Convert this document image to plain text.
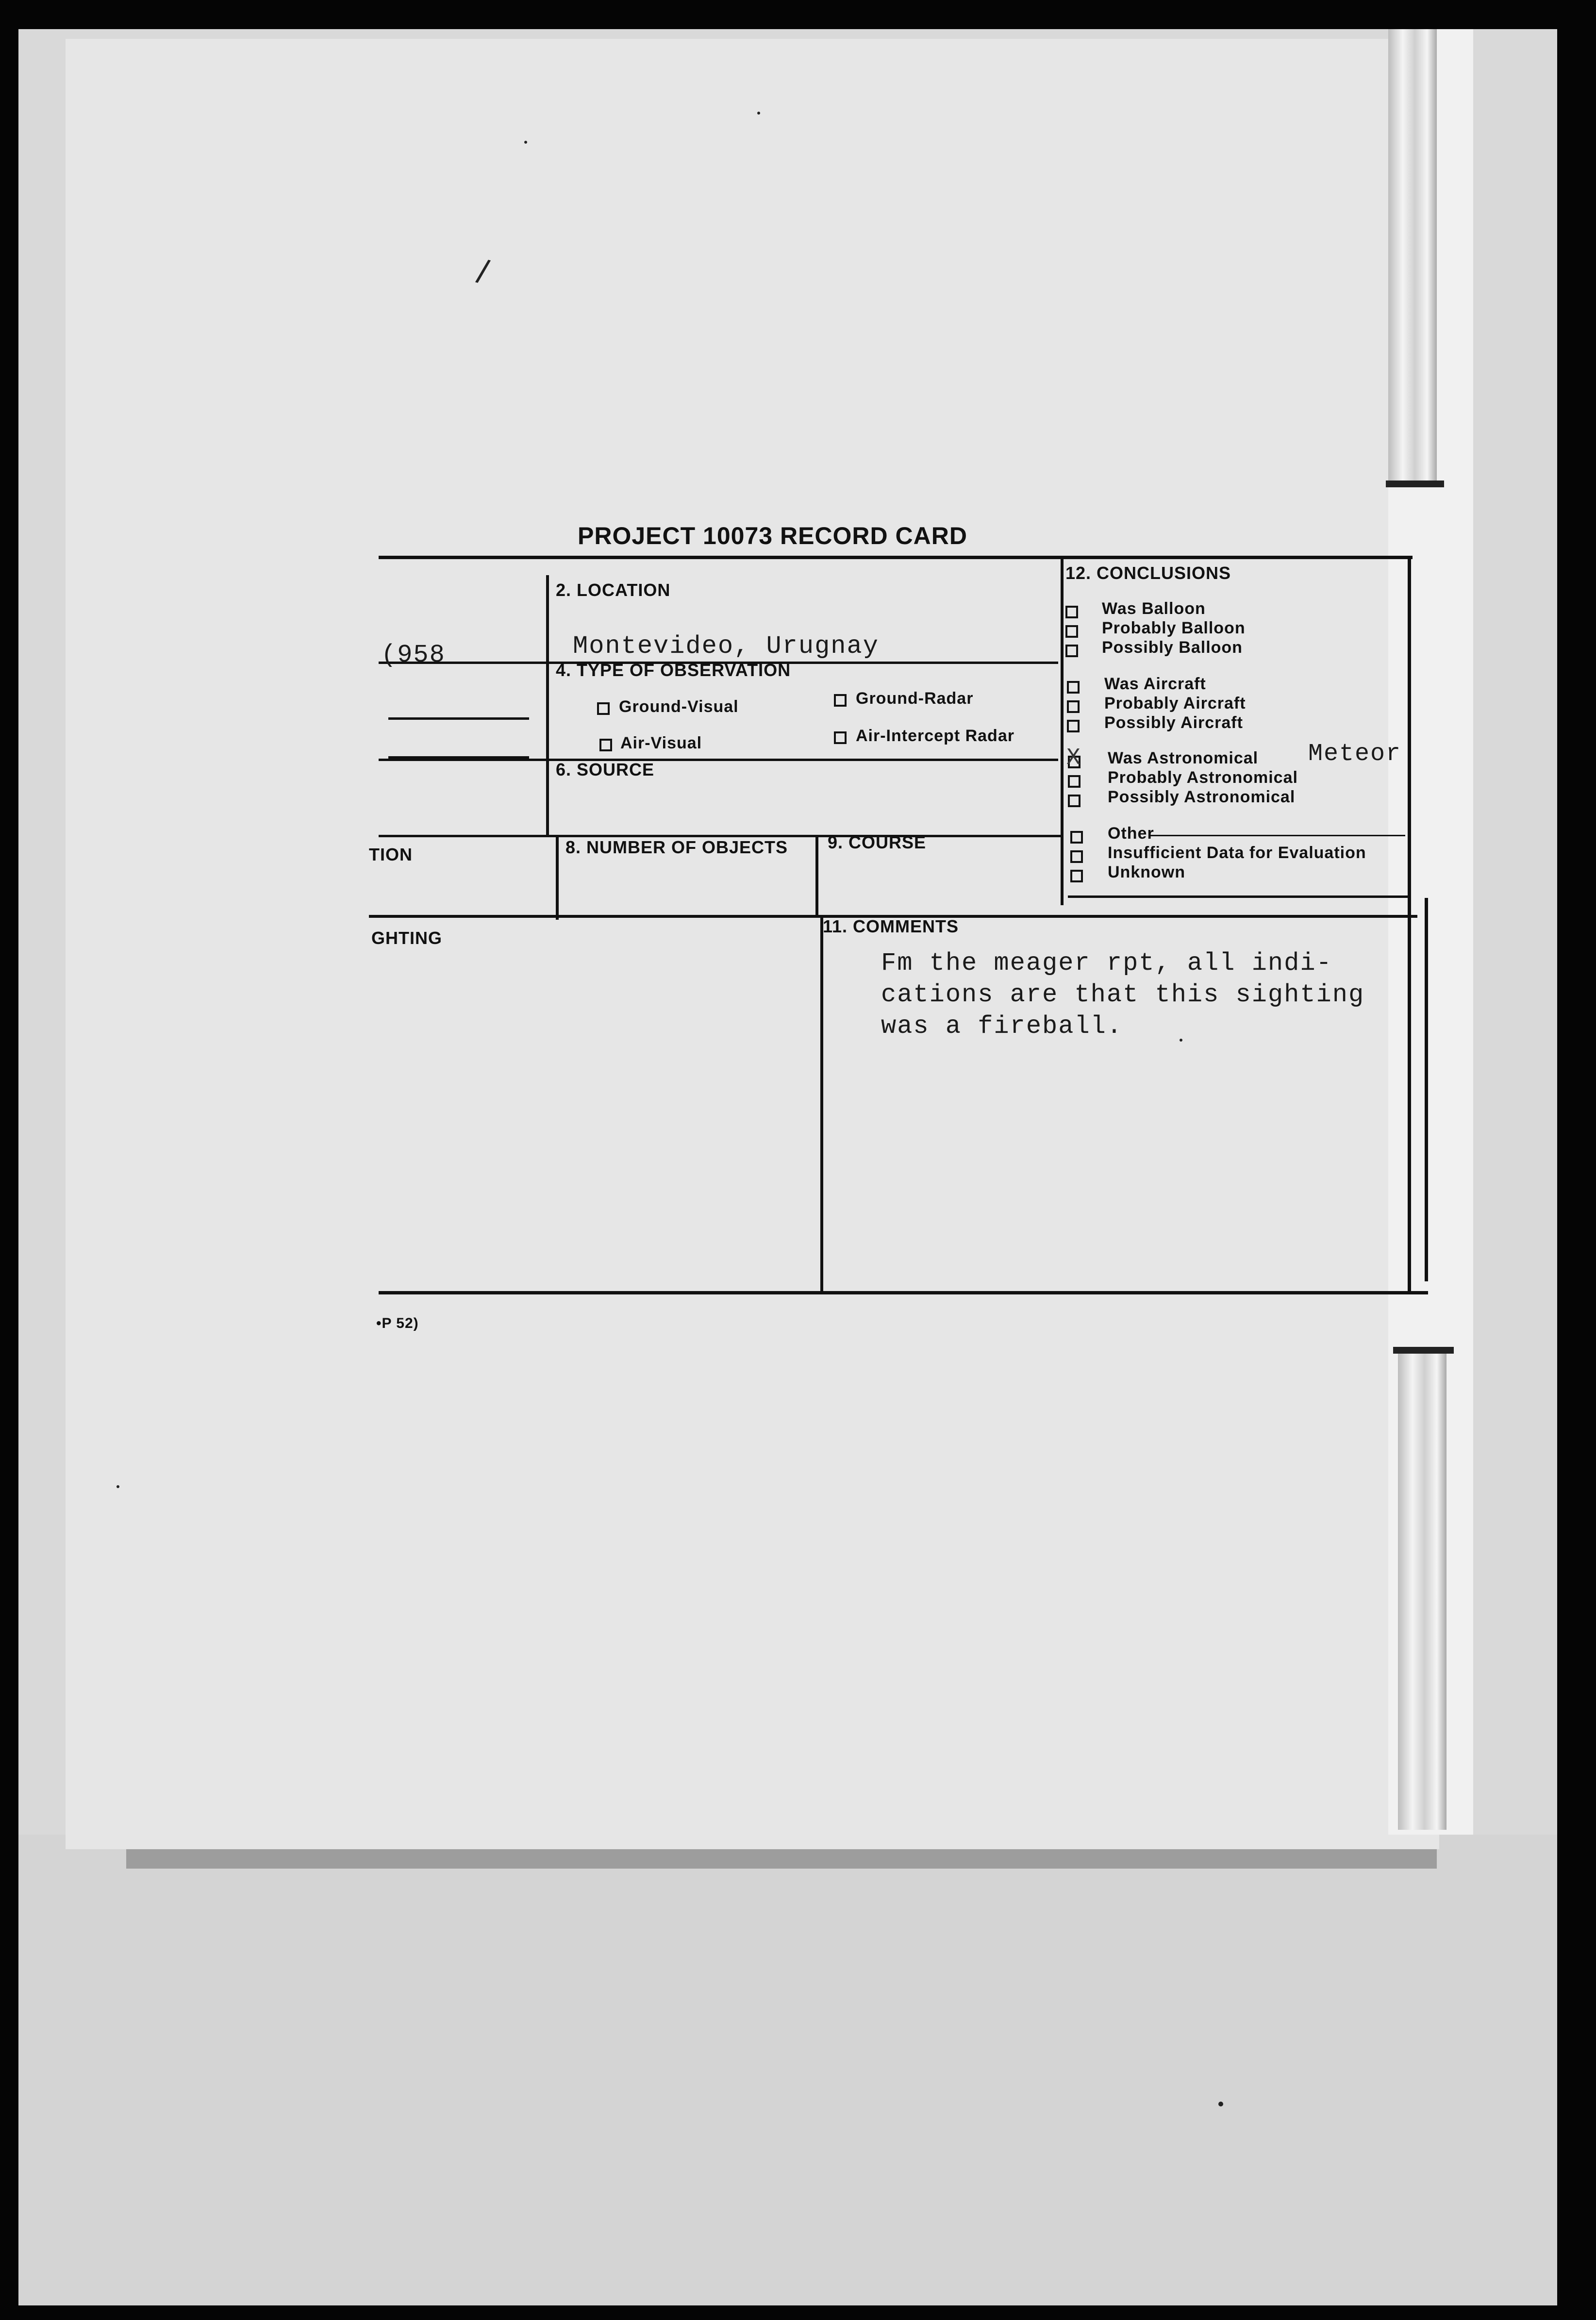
/
PROJECT 10073 RECORD CARD
(958
TION
GHTING
•P 52)
2. LOCATION
Montevideo, Urugnay
4. TYPE OF OBSERVATION
Ground-Visual	Ground-Radar
Air-Visual	Air-Intercept Radar
6. SOURCE
8. NUMBER OF OBJECTS 9. COURSE
12. CONCLUSIONS
Was Balloon
Probably Balloon
Possibly Balloon
Was Aircraft
Probably Aircraft
Possibly Aircraft
X Was Astronomical Meteor
Probably Astronomical
Possibly Astronomical
Other
Insufficient Data for Evaluation
Unknown
11. COMMENTS
Fm the meager rpt, all indi-
cations are that this sighting
was a fireball.
